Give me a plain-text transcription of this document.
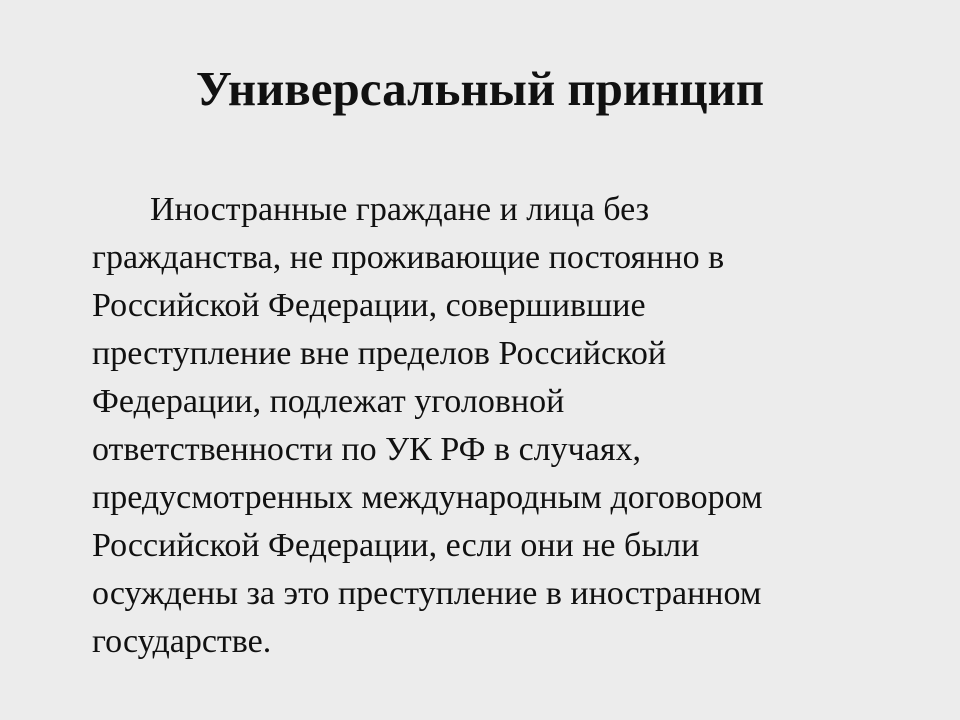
Универсальный принцип

Иностранные граждане и лица без
гражданства, не проживающие постоянно в
Российской Федерации, совершившие
преступление вне пределов Российской
Федерации, подлежат уголовной
ответственности по УК РФ в случаях,
предусмотренных международным договором
Российской Федерации, если они не были
осуждены за это преступление в иностранном
государстве.
